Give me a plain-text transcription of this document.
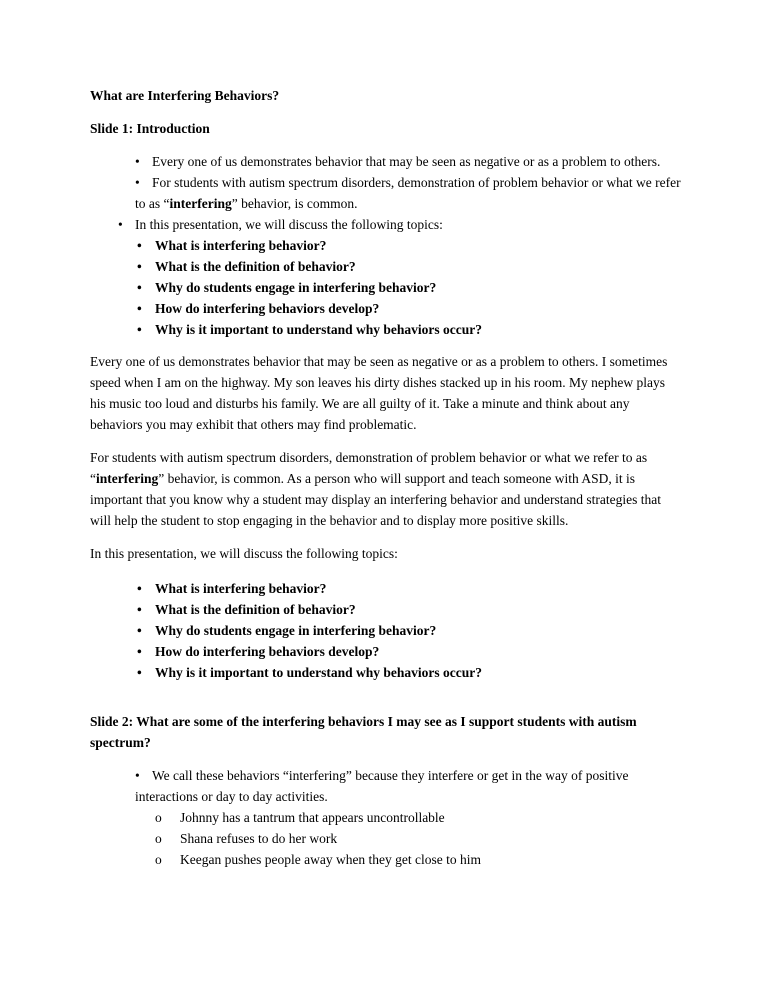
What are Interfering Behaviors?

Slide 1: Introduction

• Every one of us demonstrates behavior that may be seen as negative or as a problem to others.
• For students with autism spectrum disorders, demonstration of problem behavior or what we refer to as “interfering” behavior, is common.
• In this presentation, we will discuss the following topics:
• What is interfering behavior?
• What is the definition of behavior?
• Why do students engage in interfering behavior?
• How do interfering behaviors develop?
• Why is it important to understand why behaviors occur?

Every one of us demonstrates behavior that may be seen as negative or as a problem to others. I sometimes speed when I am on the highway. My son leaves his dirty dishes stacked up in his room. My nephew plays his music too loud and disturbs his family. We are all guilty of it. Take a minute and think about any behaviors you may exhibit that others may find problematic.

For students with autism spectrum disorders, demonstration of problem behavior or what we refer to as “interfering” behavior, is common. As a person who will support and teach someone with ASD, it is important that you know why a student may display an interfering behavior and understand strategies that will help the student to stop engaging in the behavior and to display more positive skills.

In this presentation, we will discuss the following topics:

• What is interfering behavior?
• What is the definition of behavior?
• Why do students engage in interfering behavior?
• How do interfering behaviors develop?
• Why is it important to understand why behaviors occur?

Slide 2: What are some of the interfering behaviors I may see as I support students with autism spectrum?

• We call these behaviors “interfering” because they interfere or get in the way of positive interactions or day to day activities.
o Johnny has a tantrum that appears uncontrollable
o Shana refuses to do her work
o Keegan pushes people away when they get close to him
